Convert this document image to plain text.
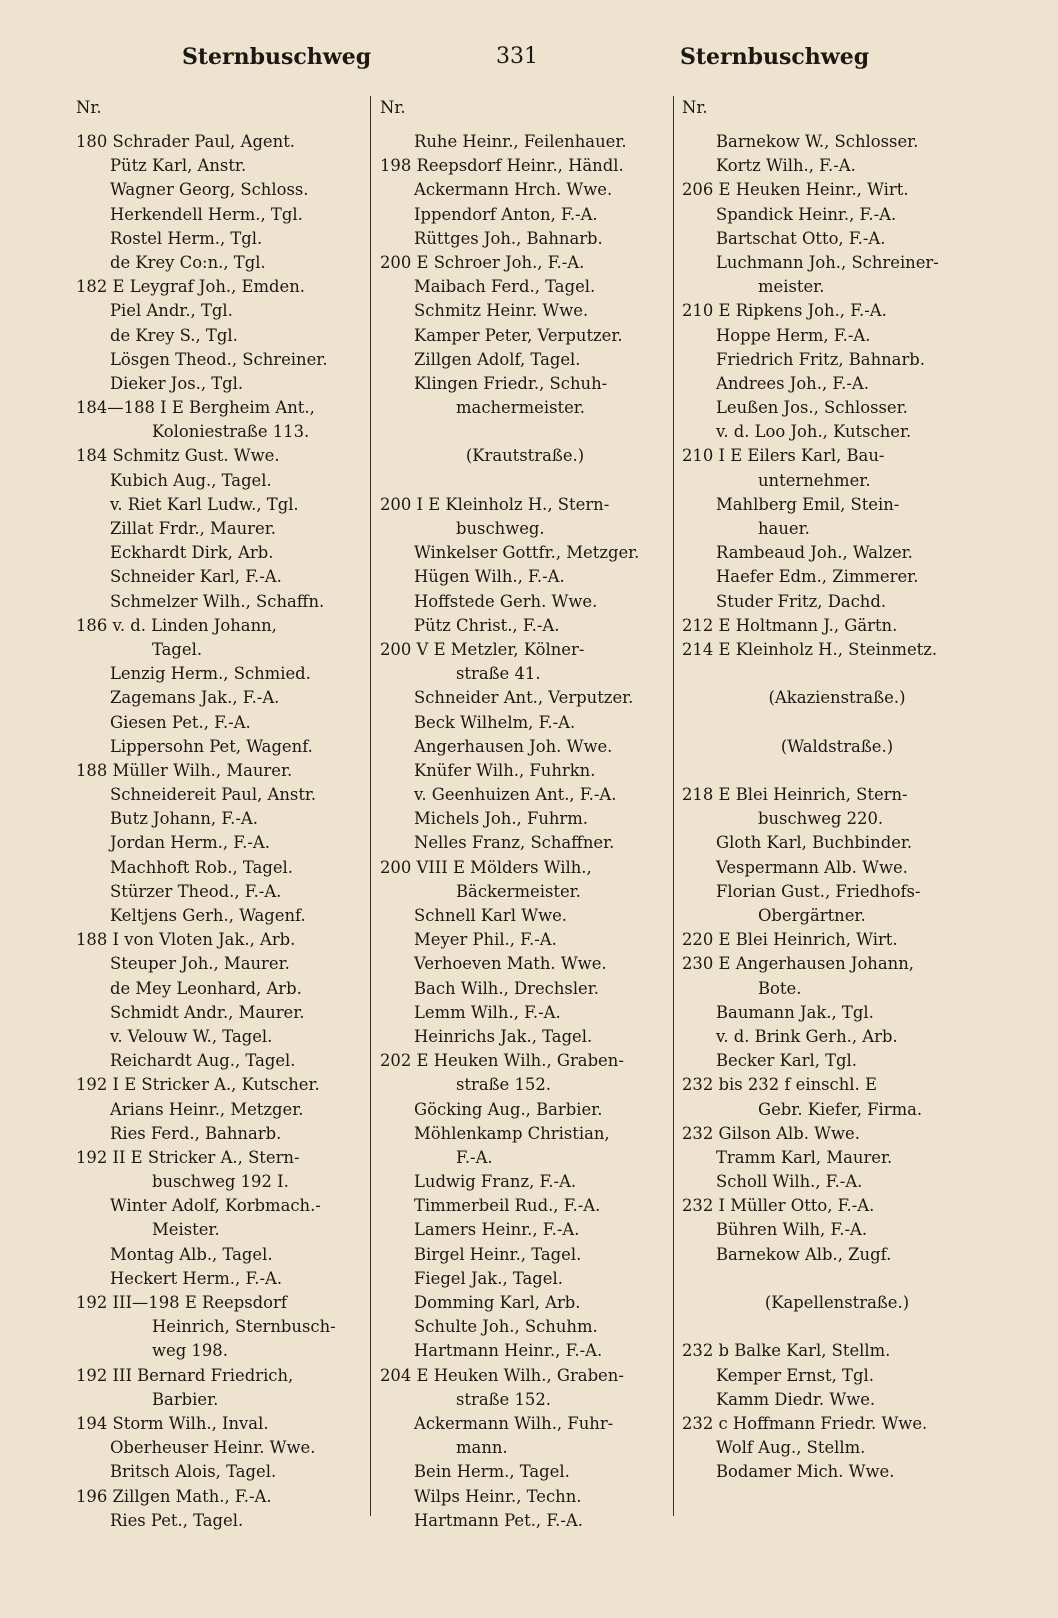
Sternbuschweg	331	Sternbuschweg
Nr.
180 Schrader Paul, Agent.
Pütz Karl, Anstr.
Wagner Georg, Schloss.
Herkendell Herm., Tgl.
Rostel Herm., Tgl.
de Krey Co:n., Tgl.
182 E Leygraf Joh., Emden.
Piel Andr., Tgl.
de Krey S., Tgl.
Lösgen Theod., Schreiner.
Dieker Jos., Tgl.
184—188 I E Bergheim Ant.,
Koloniestraße 113.
184 Schmitz Gust. Wwe.
Kubich Aug., Tagel.
v. Riet Karl Ludw., Tgl.
Zillat Frdr., Maurer.
Eckhardt Dirk, Arb.
Schneider Karl, F.-A.
Schmelzer Wilh., Schaffn.
186 v. d. Linden Johann,
Tagel.
Lenzig Herm., Schmied.
Zagemans Jak., F.-A.
Giesen Pet., F.-A.
Lippersohn Pet, Wagenf.
188 Müller Wilh., Maurer.
Schneidereit Paul, Anstr.
Butz Johann, F.-A.
Jordan Herm., F.-A.
Machhoft Rob., Tagel.
Stürzer Theod., F.-A.
Keltjens Gerh., Wagenf.
188 I von Vloten Jak., Arb.
Steuper Joh., Maurer.
de Mey Leonhard, Arb.
Schmidt Andr., Maurer.
v. Velouw W., Tagel.
Reichardt Aug., Tagel.
192 I E Stricker A., Kutscher.
Arians Heinr., Metzger.
Ries Ferd., Bahnarb.
192 II E Stricker A., Stern-
buschweg 192 I.
Winter Adolf, Korbmach.-
Meister.
Montag Alb., Tagel.
Heckert Herm., F.-A.
192 III—198 E Reepsdorf
Heinrich, Sternbusch-
weg 198.
192 III Bernard Friedrich,
Barbier.
194 Storm Wilh., Inval.
Oberheuser Heinr. Wwe.
Britsch Alois, Tagel.
196 Zillgen Math., F.-A.
Ries Pet., Tagel.
Nr.
Ruhe Heinr., Feilenhauer.
198 Reepsdorf Heinr., Händl.
Ackermann Hrch. Wwe.
Ippendorf Anton, F.-A.
Rüttges Joh., Bahnarb.
200 E Schroer Joh., F.-A.
Maibach Ferd., Tagel.
Schmitz Heinr. Wwe.
Kamper Peter, Verputzer.
Zillgen Adolf, Tagel.
Klingen Friedr., Schuh-
machermeister.
(Krautstraße.)
200 I E Kleinholz H., Stern-
buschweg.
Winkelser Gottfr., Metzger.
Hügen Wilh., F.-A.
Hoffstede Gerh. Wwe.
Pütz Christ., F.-A.
200 V E Metzler, Kölner-
straße 41.
Schneider Ant., Verputzer.
Beck Wilhelm, F.-A.
Angerhausen Joh. Wwe.
Knüfer Wilh., Fuhrkn.
v. Geenhuizen Ant., F.-A.
Michels Joh., Fuhrm.
Nelles Franz, Schaffner.
200 VIII E Mölders Wilh.,
Bäckermeister.
Schnell Karl Wwe.
Meyer Phil., F.-A.
Verhoeven Math. Wwe.
Bach Wilh., Drechsler.
Lemm Wilh., F.-A.
Heinrichs Jak., Tagel.
202 E Heuken Wilh., Graben-
straße 152.
Göcking Aug., Barbier.
Möhlenkamp Christian,
F.-A.
Ludwig Franz, F.-A.
Timmerbeil Rud., F.-A.
Lamers Heinr., F.-A.
Birgel Heinr., Tagel.
Fiegel Jak., Tagel.
Domming Karl, Arb.
Schulte Joh., Schuhm.
Hartmann Heinr., F.-A.
204 E Heuken Wilh., Graben-
straße 152.
Ackermann Wilh., Fuhr-
mann.
Bein Herm., Tagel.
Wilps Heinr., Techn.
Hartmann Pet., F.-A.
Nr.
Barnekow W., Schlosser.
Kortz Wilh., F.-A.
206 E Heuken Heinr., Wirt.
Spandick Heinr., F.-A.
Bartschat Otto, F.-A.
Luchmann Joh., Schreiner-
meister.
210 E Ripkens Joh., F.-A.
Hoppe Herm, F.-A.
Friedrich Fritz, Bahnarb.
Andrees Joh., F.-A.
Leußen Jos., Schlosser.
v. d. Loo Joh., Kutscher.
210 I E Eilers Karl, Bau-
unternehmer.
Mahlberg Emil, Stein-
hauer.
Rambeaud Joh., Walzer.
Haefer Edm., Zimmerer.
Studer Fritz, Dachd.
212 E Holtmann J., Gärtn.
214 E Kleinholz H., Steinmetz.
(Akazienstraße.)
(Waldstraße.)
218 E Blei Heinrich, Stern-
buschweg 220.
Gloth Karl, Buchbinder.
Vespermann Alb. Wwe.
Florian Gust., Friedhofs-
Obergärtner.
220 E Blei Heinrich, Wirt.
230 E Angerhausen Johann,
Bote.
Baumann Jak., Tgl.
v. d. Brink Gerh., Arb.
Becker Karl, Tgl.
232 bis 232 f einschl. E
Gebr. Kiefer, Firma.
232 Gilson Alb. Wwe.
Tramm Karl, Maurer.
Scholl Wilh., F.-A.
232 I Müller Otto, F.-A.
Bühren Wilh, F.-A.
Barnekow Alb., Zugf.
(Kapellenstraße.)
232 b Balke Karl, Stellm.
Kemper Ernst, Tgl.
Kamm Diedr. Wwe.
232 c Hoffmann Friedr. Wwe.
Wolf Aug., Stellm.
Bodamer Mich. Wwe.
